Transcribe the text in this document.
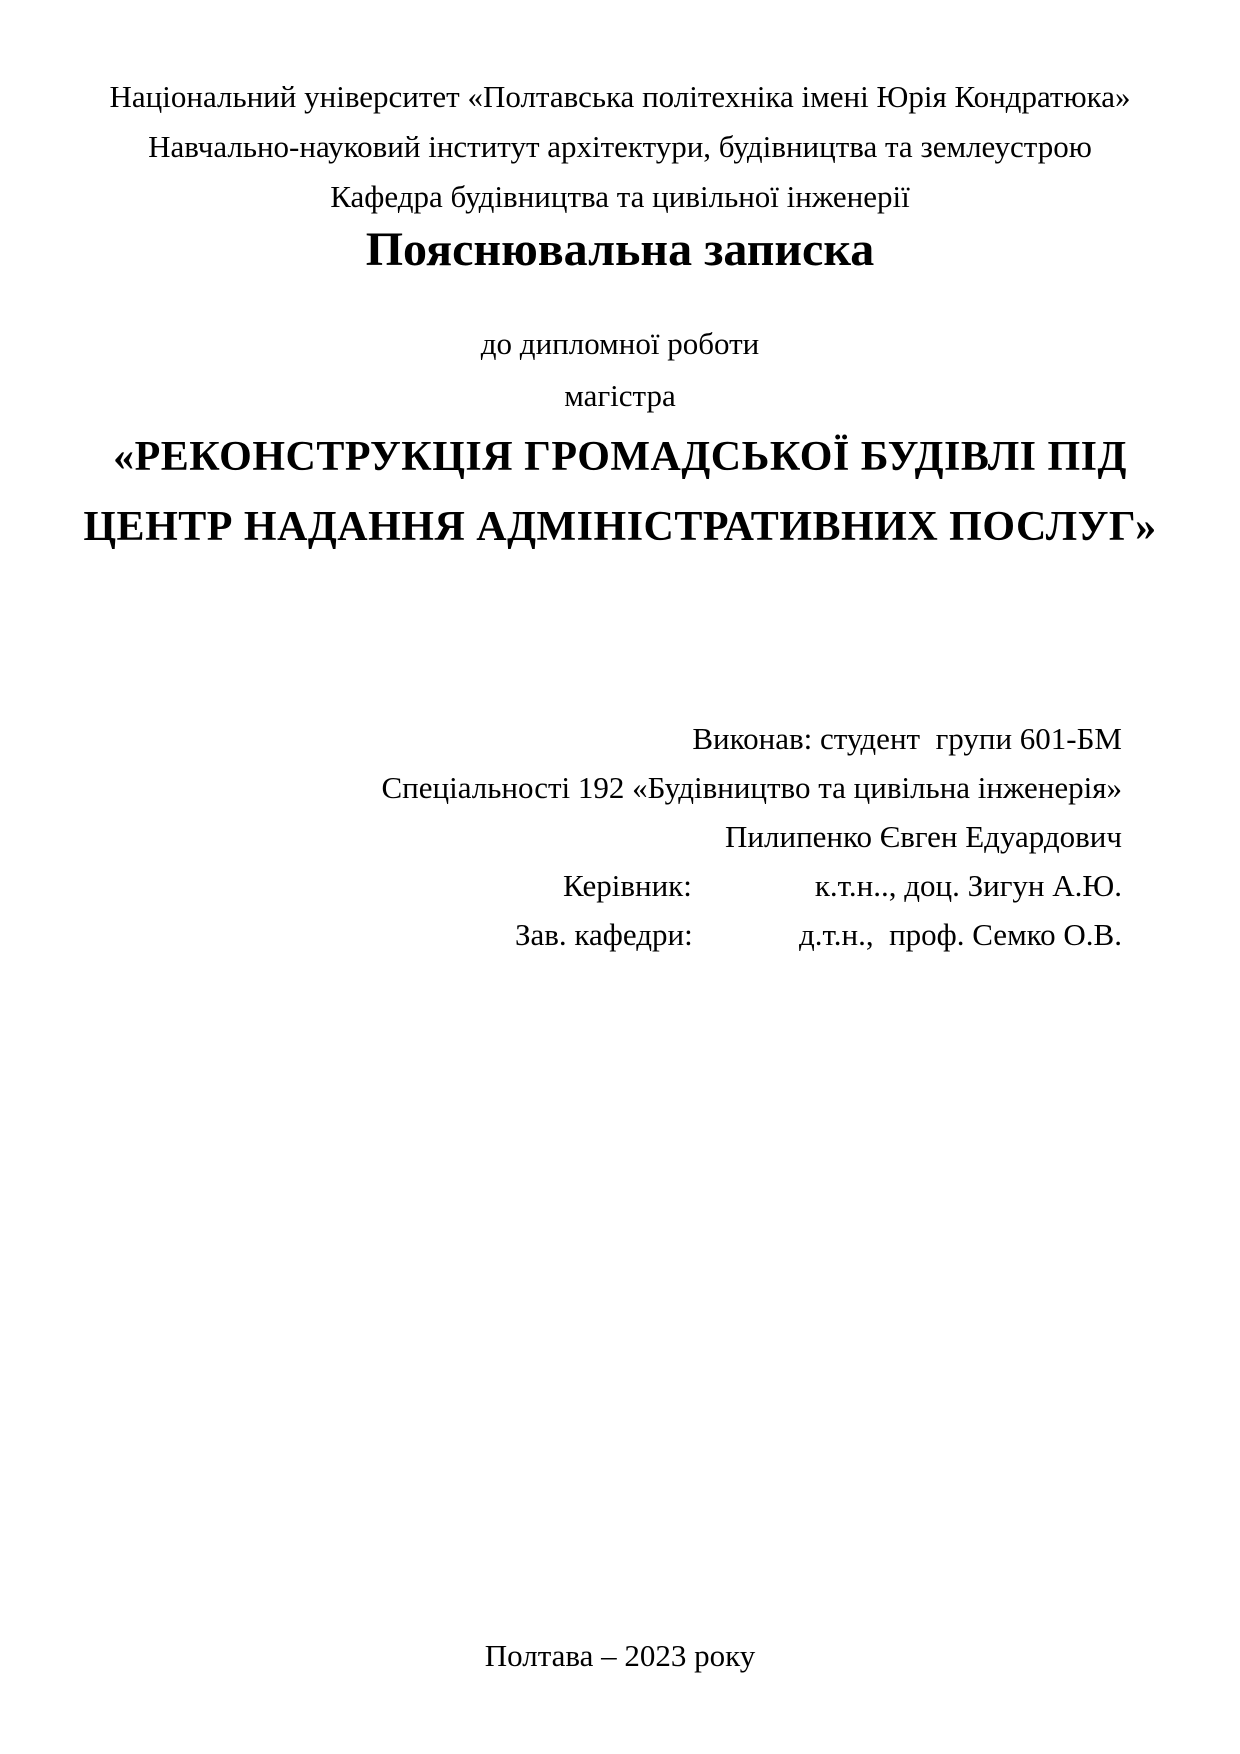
Національний університет «Полтавська політехніка імені Юрія Кондратюка»

Навчально-науковий інститут архітектури, будівництва та землеустрою

Кафедра будівництва та цивільної інженерії

Пояснювальна записка

до дипломної роботи

магістра

«РЕКОНСТРУКЦІЯ ГРОМАДСЬКОЇ БУДІВЛІ ПІД

ЦЕНТР НАДАННЯ АДМІНІСТРАТИВНИХ ПОСЛУГ»

Виконав: студент  групи 601-БМ

Спеціальності 192 «Будівництво та цивільна інженерія»

Пилипенко Євген Едуардович

Керівник:	к.т.н.., доц. Зигун А.Ю.

Зав. кафедри:	д.т.н.,  проф. Семко О.В.

Полтава – 2023 року
